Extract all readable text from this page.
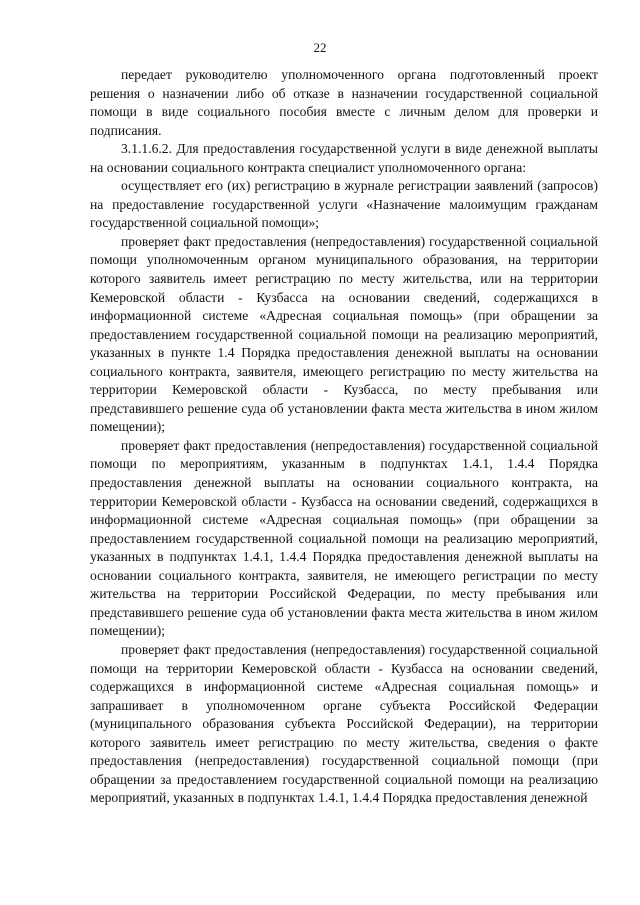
22

передает руководителю уполномоченного органа подготовленный проект решения о назначении либо об отказе в назначении государственной социальной помощи в виде социального пособия вместе с личным делом для проверки и подписания.

3.1.1.6.2. Для предоставления государственной услуги в виде денежной выплаты на основании социального контракта специалист уполномоченного органа:

осуществляет его (их) регистрацию в журнале регистрации заявлений (запросов) на предоставление государственной услуги «Назначение малоимущим гражданам государственной социальной помощи»;

проверяет факт предоставления (непредоставления) государственной социальной помощи уполномоченным органом муниципального образования, на территории которого заявитель имеет регистрацию по месту жительства, или на территории Кемеровской области - Кузбасса на основании сведений, содержащихся в информационной системе «Адресная социальная помощь» (при обращении за предоставлением государственной социальной помощи на реализацию мероприятий, указанных в пункте 1.4 Порядка предоставления денежной выплаты на основании социального контракта, заявителя, имеющего регистрацию по месту жительства на территории Кемеровской области - Кузбасса, по месту пребывания или представившего решение суда об установлении факта места жительства в ином жилом помещении);

проверяет факт предоставления (непредоставления) государственной социальной помощи по мероприятиям, указанным в подпунктах 1.4.1, 1.4.4 Порядка предоставления денежной выплаты на основании социального контракта, на территории Кемеровской области - Кузбасса на основании сведений, содержащихся в информационной системе «Адресная социальная помощь» (при обращении за предоставлением государственной социальной помощи на реализацию мероприятий, указанных в подпунктах 1.4.1, 1.4.4 Порядка предоставления денежной выплаты на основании социального контракта, заявителя, не имеющего регистрации по месту жительства на территории Российской Федерации, по месту пребывания или представившего решение суда об установлении факта места жительства в ином жилом помещении);

проверяет факт предоставления (непредоставления) государственной социальной помощи на территории Кемеровской области - Кузбасса на основании сведений, содержащихся в информационной системе «Адресная социальная помощь» и запрашивает в уполномоченном органе субъекта Российской Федерации (муниципального образования субъекта Российской Федерации), на территории которого заявитель имеет регистрацию по месту жительства, сведения о факте предоставления (непредоставления) государственной социальной помощи (при обращении за предоставлением государственной социальной помощи на реализацию мероприятий, указанных в подпунктах 1.4.1, 1.4.4 Порядка предоставления денежной
